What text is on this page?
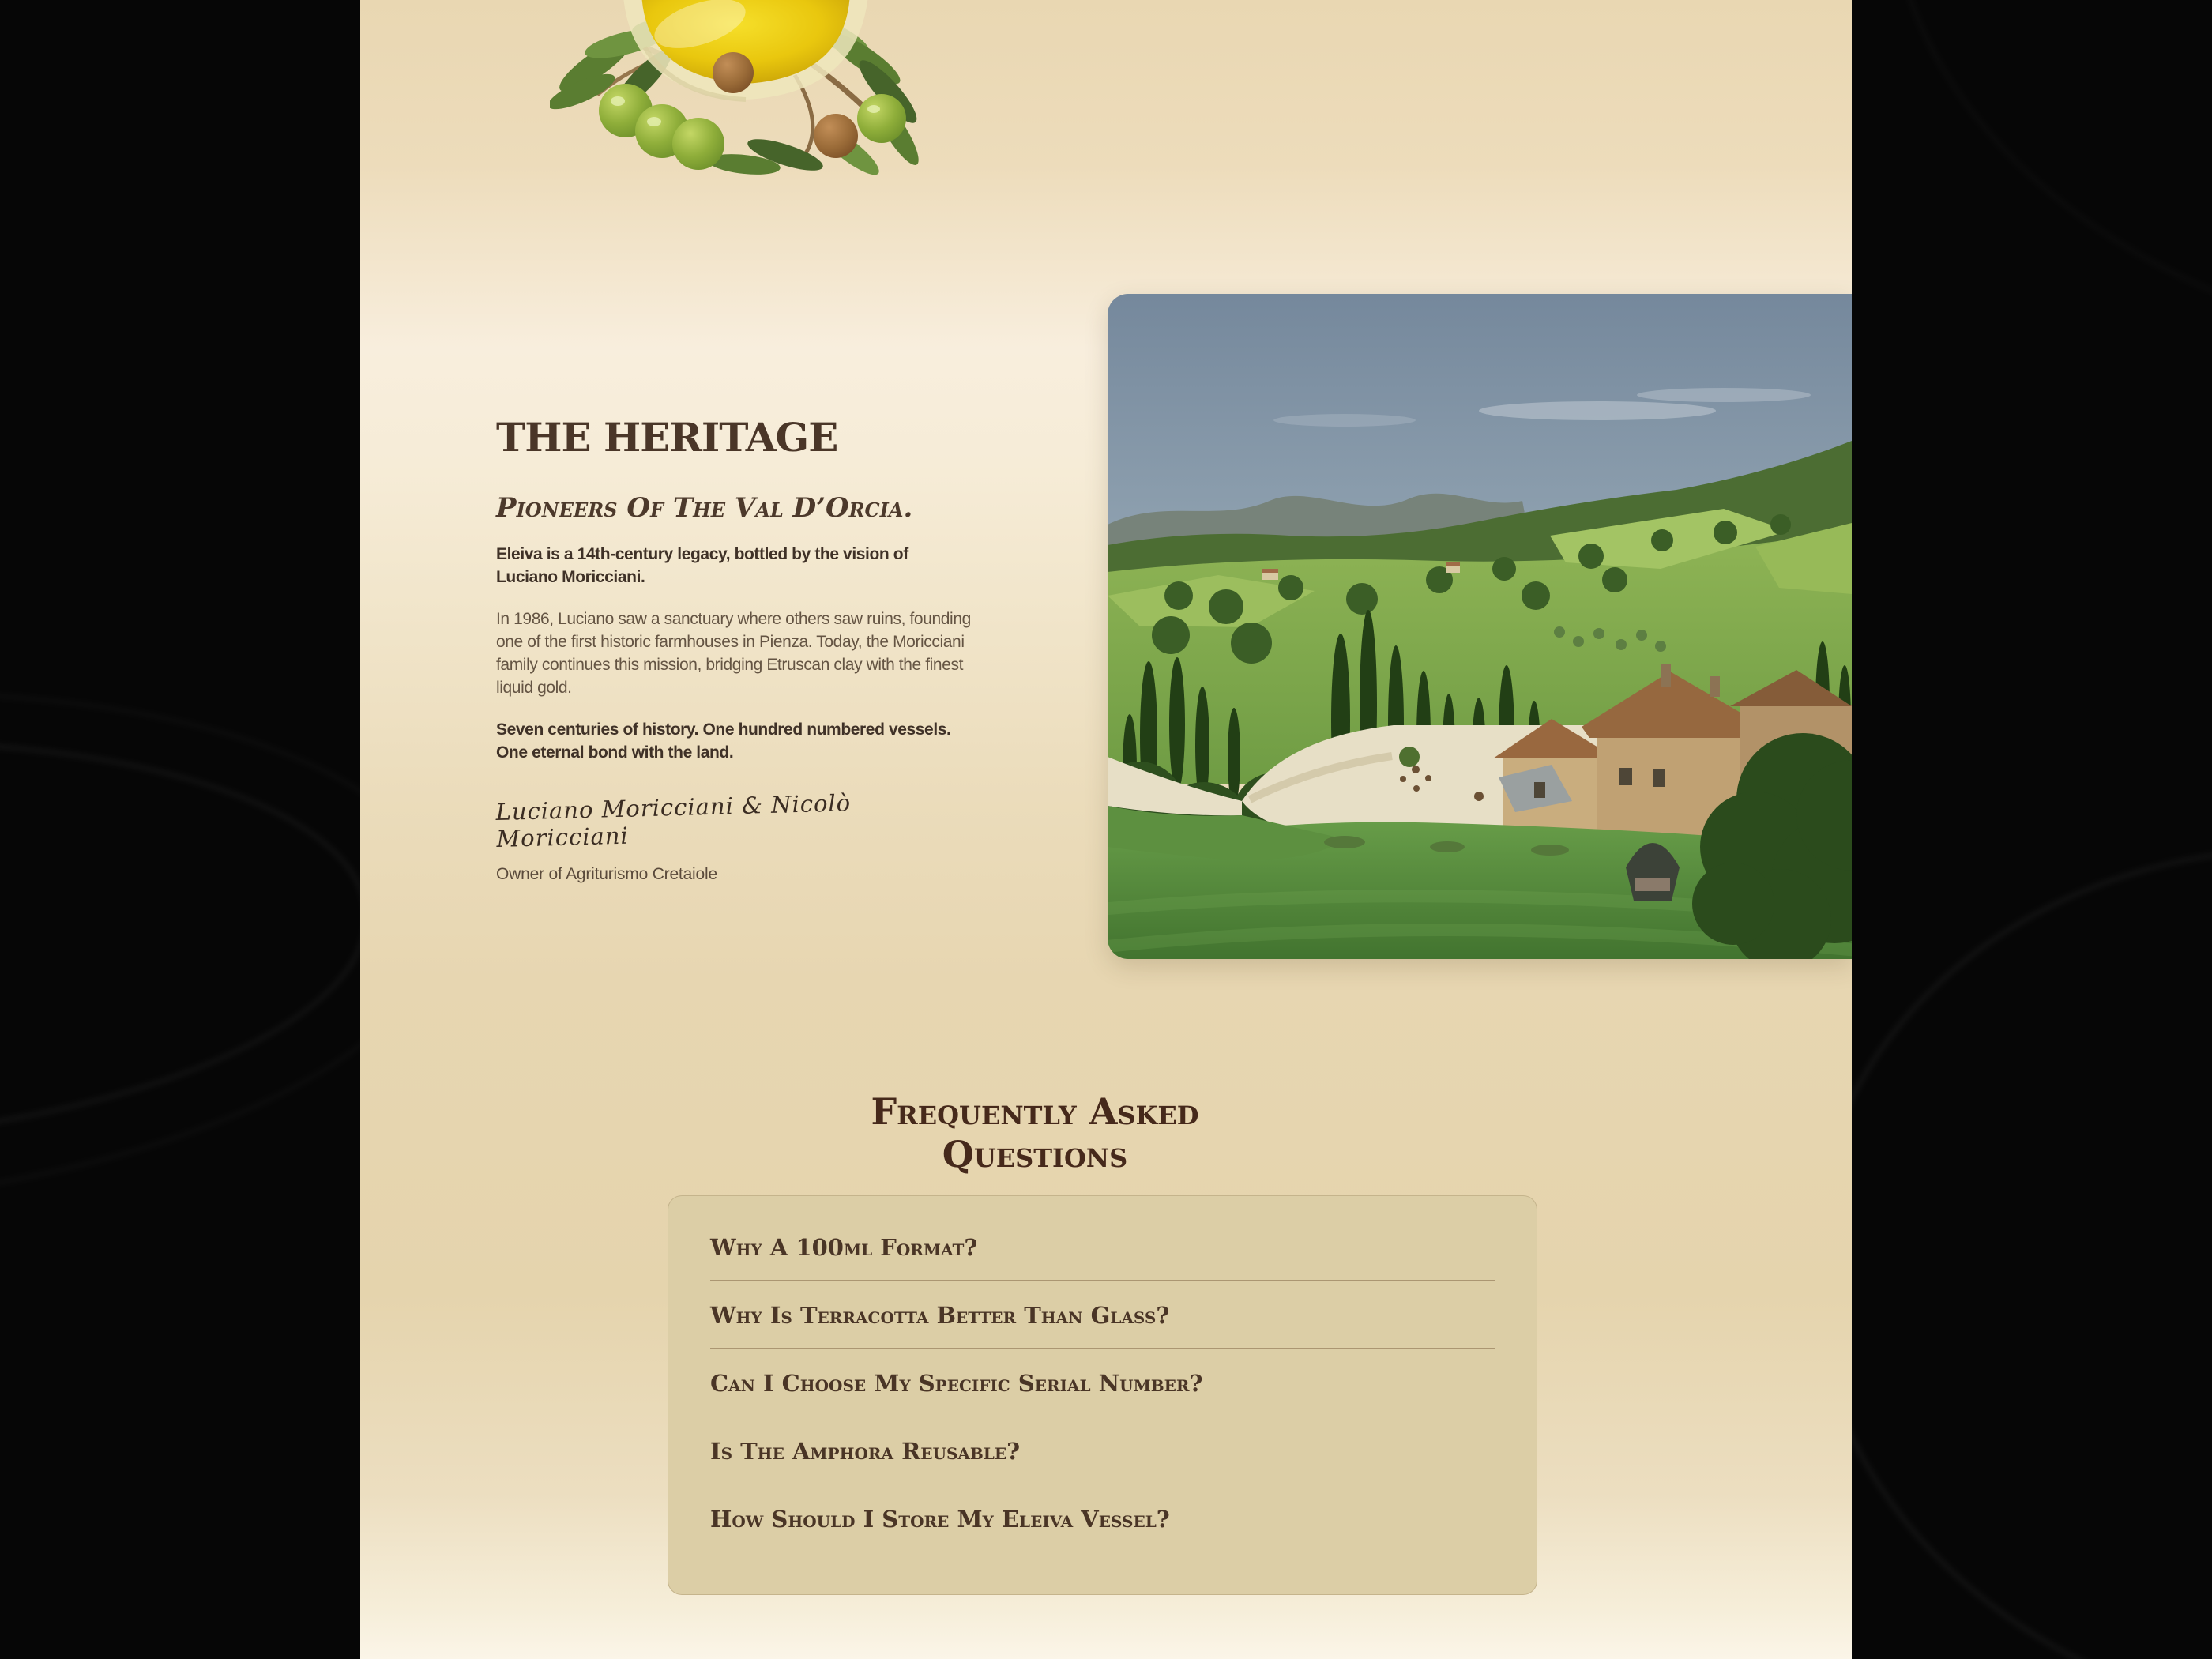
THE HERITAGE
Pioneers Of The Val D’Orcia.

Eleiva is a 14th-century legacy, bottled by the vision of Luciano Moricciani.

In 1986, Luciano saw a sanctuary where others saw ruins, founding one of the first historic farmhouses in Pienza. Today, the Moricciani family continues this mission, bridging Etruscan clay with the finest liquid gold.

Seven centuries of history. One hundred numbered vessels. One eternal bond with the land.

Luciano Moricciani & Nicolò Moricciani
Owner of Agriturismo Cretaiole
Frequently Asked
Questions
Why A 100ml Format?
Why Is Terracotta Better Than Glass?
Can I Choose My Specific Serial Number?
Is The Amphora Reusable?
How Should I Store My Eleiva Vessel?
